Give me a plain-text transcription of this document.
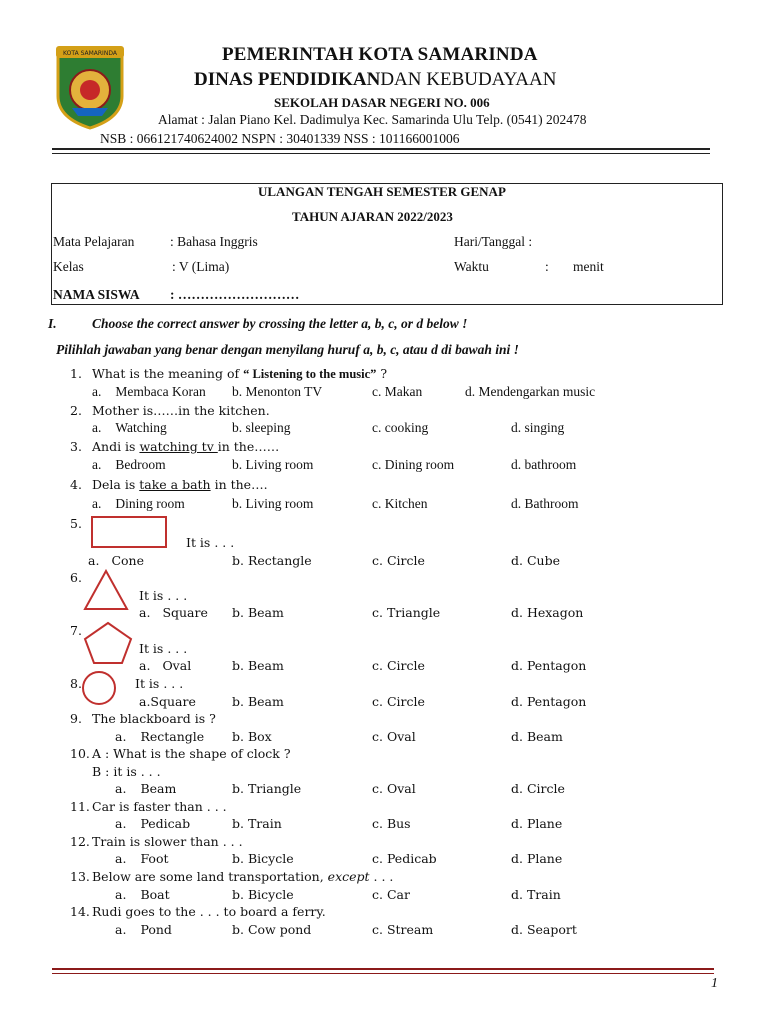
KOTA SAMARINDA	PEMERINTAH KOTA SAMARINDA
DINAS PENDIDIKANDAN KEBUDAYAAN
SEKOLAH DASAR NEGERI NO. 006
Alamat : Jalan Piano Kel. Dadimulya Kec. Samarinda Ulu Telp. (0541) 202478
NSB : 066121740624002 NSPN : 30401339 NSS : 101166001006
ULANGAN TENGAH SEMESTER GENAP
TAHUN AJARAN 2022/2023
Mata Pelajaran	: Bahasa Inggris	Hari/Tanggal :
Kelas	: V (Lima)	Waktu	: menit
NAMA SISWA : ………………………
I.	Choose the correct answer by crossing the letter a, b, c, or d below !
Pilihlah jawaban yang benar dengan menyilang huruf a, b, c, atau d di bawah ini !
1. What is the meaning of “ Listening to the music” ?
a. Membaca Koran b. Menonton TV	c. Makan	d. Mendengarkan music
2. Mother is……in the kitchen.
a. Watching	b. sleeping	c. cooking	d. singing
3. Andi is watching tv in the……
a. Bedroom	b. Living room	c. Dining room	d. bathroom
4. Dela is take a bath in the….
a. Dining room	b. Living room	c. Kitchen	d. Bathroom
5.
It is . . .
a. Cone	b. Rectangle	c. Circle	d. Cube
6.
It is . . .
a. Square b. Beam	c. Triangle	d. Hexagon
7.
It is . . .
a. Oval	b. Beam	c. Circle	d. Pentagon
8.	It is . . .
a.Square	b. Beam	c. Circle	d. Pentagon
9. The blackboard is ?
a. Rectangle b. Box	c. Oval	d. Beam
10. A : What is the shape of clock ?
B : it is . . .
a. Beam	b. Triangle	c. Oval	d. Circle
11. Car is faster than . . .
a. Pedicab	b. Train	c. Bus	d. Plane
12. Train is slower than . . .
a. Foot	b. Bicycle	c. Pedicab	d. Plane
13. Below are some land transportation, except . . .
a. Boat	b. Bicycle	c. Car	d. Train
14. Rudi goes to the . . . to board a ferry.
a. Pond	b. Cow pond	c. Stream	d. Seaport
1
